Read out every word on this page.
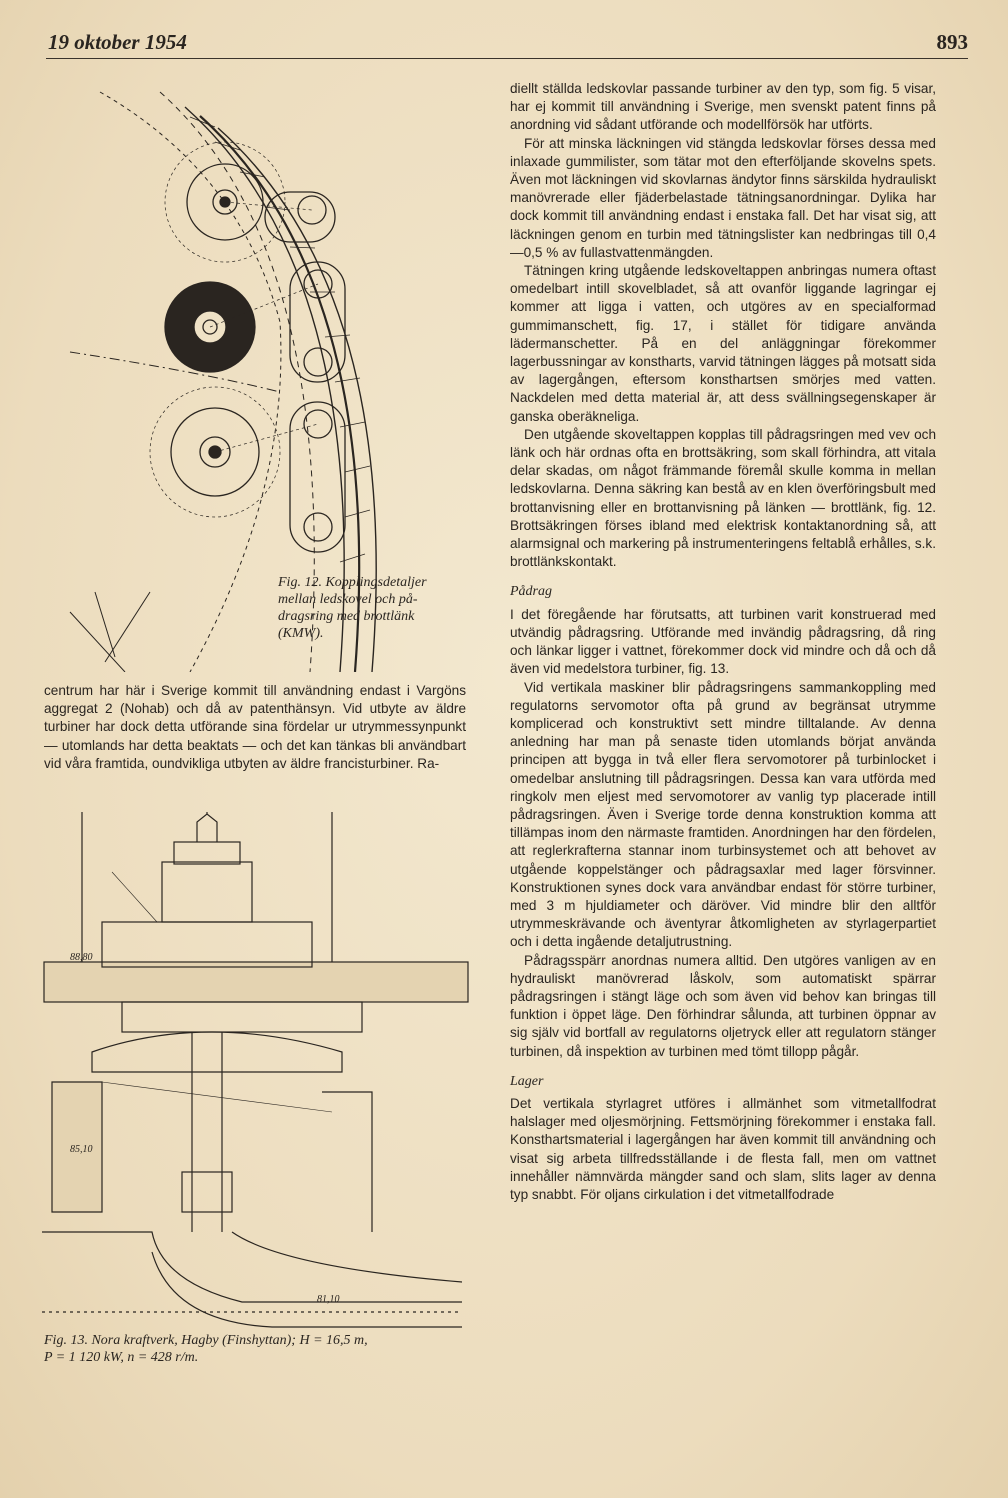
19 oktober 1954	893
Fig. 12. Kopplingsdetaljer
mellan ledskovel och på-
dragsring med brottlänk
(KMW).

centrum har här i Sverige kommit till användning endast i Vargöns aggregat 2 (Nohab) och då av patenthänsyn. Vid utbyte av äldre turbiner har dock detta utförande sina fördelar ur utrymmessynpunkt — utomlands har detta beaktats — och det kan tänkas bli användbart vid våra framtida, oundvikliga utbyten av äldre francisturbiner. Ra-

88,80
85,10
81,10
Fig. 13. Nora kraftverk, Hagby (Finshyttan); H = 16,5 m,
P = 1 120 kW, n = 428 r/m.

diellt ställda ledskovlar passande turbiner av den typ, som fig. 5 visar, har ej kommit till användning i Sverige, men svenskt patent finns på anordning vid sådant utförande och modellförsök har utförts.

För att minska läckningen vid stängda ledskovlar förses dessa med inlaxade gummilister, som tätar mot den efterföljande skovelns spets. Även mot läckningen vid skovlarnas ändytor finns särskilda hydrauliskt manövrerade eller fjäderbelastade tätningsanordningar. Dylika har dock kommit till användning endast i enstaka fall. Det har visat sig, att läckningen genom en turbin med tätningslister kan nedbringas till 0,4—0,5 % av fullastvattenmängden.

Tätningen kring utgående ledskoveltappen anbringas numera oftast omedelbart intill skovelbladet, så att ovanför liggande lagringar ej kommer att ligga i vatten, och utgöres av en specialformad gummimanschett, fig. 17, i stället för tidigare använda lädermanschetter. På en del anläggningar förekommer lagerbussningar av konstharts, varvid tätningen lägges på motsatt sida av lagergången, eftersom konsthartsen smörjes med vatten. Nackdelen med detta material är, att dess svällningsegenskaper är ganska oberäkneliga.

Den utgående skoveltappen kopplas till pådragsringen med vev och länk och här ordnas ofta en brottsäkring, som skall förhindra, att vitala delar skadas, om något främmande föremål skulle komma in mellan ledskovlarna. Denna säkring kan bestå av en klen överföringsbult med brottanvisning eller en brottanvisning på länken — brottlänk, fig. 12. Brottsäkringen förses ibland med elektrisk kontaktanordning så, att alarmsignal och markering på instrumenteringens feltablå erhålles, s.k. brottlänkskontakt.

Pådrag

I det föregående har förutsatts, att turbinen varit konstruerad med utvändig pådragsring. Utförande med invändig pådragsring, då ring och länkar ligger i vattnet, förekommer dock vid mindre och då och då även vid medelstora turbiner, fig. 13.

Vid vertikala maskiner blir pådragsringens sammankoppling med regulatorns servomotor ofta på grund av begränsat utrymme komplicerad och konstruktivt sett mindre tilltalande. Av denna anledning har man på senaste tiden utomlands börjat använda principen att bygga in två eller flera servomotorer på turbinlocket i omedelbar anslutning till pådragsringen. Dessa kan vara utförda med ringkolv men eljest med servomotorer av vanlig typ placerade intill pådragsringen. Även i Sverige torde denna konstruktion komma att tillämpas inom den närmaste framtiden. Anordningen har den fördelen, att reglerkrafterna stannar inom turbinsystemet och att behovet av utgående koppelstänger och pådragsaxlar med lager försvinner. Konstruktionen synes dock vara användbar endast för större turbiner, med 3 m hjuldiameter och däröver. Vid mindre blir den alltför utrymmeskrävande och äventyrar åtkomligheten av styrlagerpartiet och i detta ingående detaljutrustning.

Pådragsspärr anordnas numera alltid. Den utgöres vanligen av en hydrauliskt manövrerad låskolv, som automatiskt spärrar pådragsringen i stängt läge och som även vid behov kan bringas till funktion i öppet läge. Den förhindrar sålunda, att turbinen öppnar av sig själv vid bortfall av regulatorns oljetryck eller att regulatorn stänger turbinen, då inspektion av turbinen med tömt tillopp pågår.

Lager

Det vertikala styrlagret utföres i allmänhet som vitmetallfodrat halslager med oljesmörjning. Fettsmörjning förekommer i enstaka fall. Konsthartsmaterial i lagergången har även kommit till användning och visat sig arbeta tillfredsställande i de flesta fall, men om vattnet innehåller nämnvärda mängder sand och slam, slits lager av denna typ snabbt. För oljans cirkulation i det vitmetallfodrade
